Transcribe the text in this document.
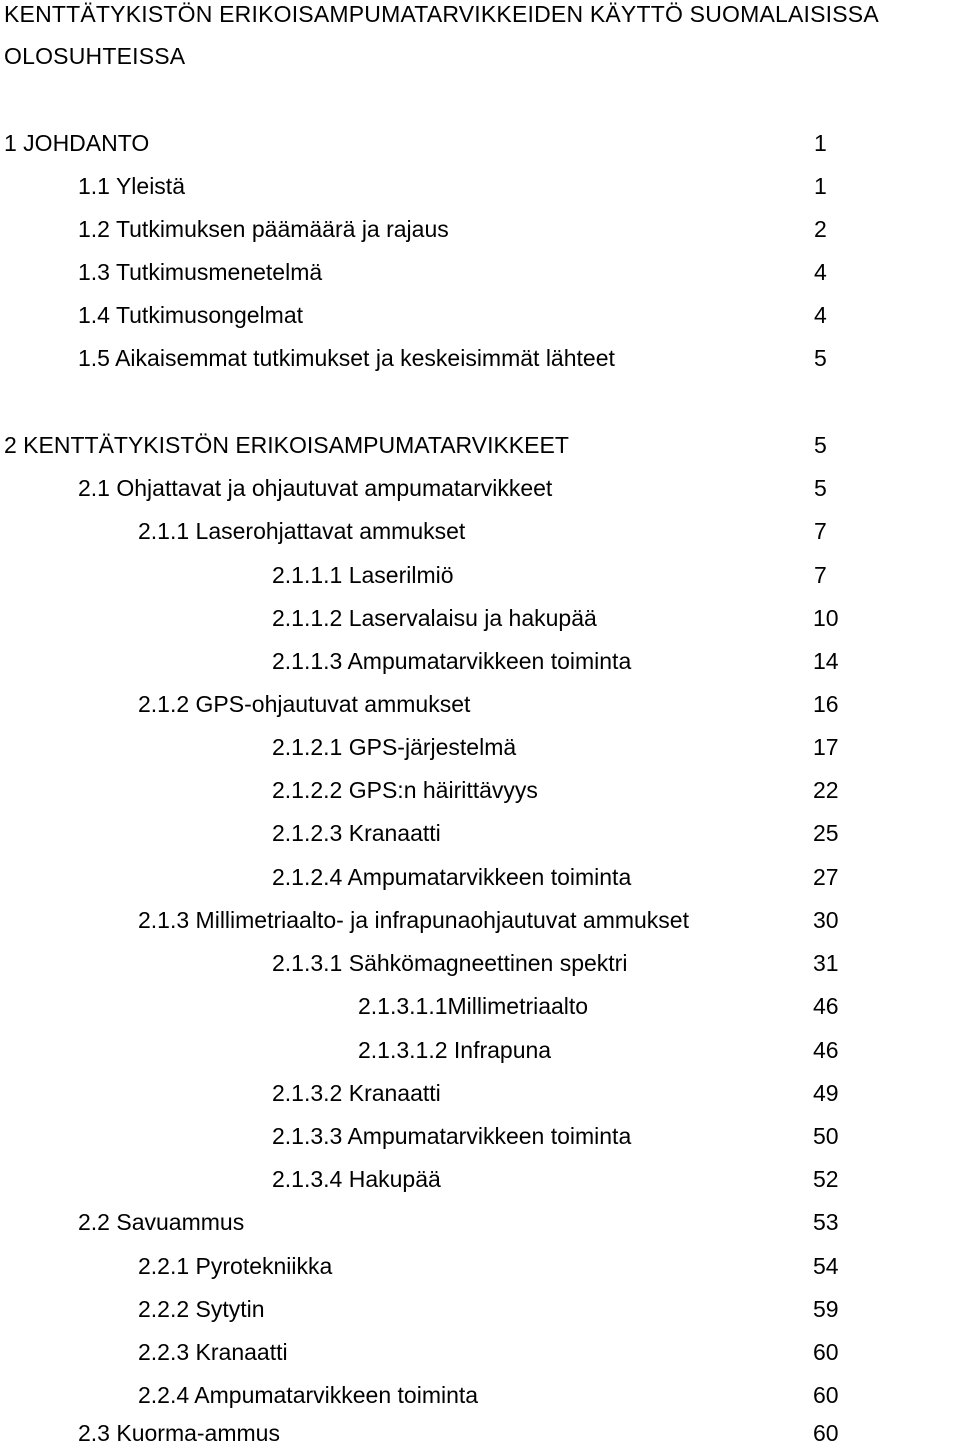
KENTTÄTYKISTÖN ERIKOISAMPUMATARVIKKEIDEN KÄYTTÖ SUOMALAISISSA
OLOSUHTEISSA
1 JOHDANTO	1
1.1 Yleistä	1
1.2 Tutkimuksen päämäärä ja rajaus	2
1.3 Tutkimusmenetelmä	4
1.4 Tutkimusongelmat	4
1.5 Aikaisemmat tutkimukset ja keskeisimmät lähteet	5
2 KENTTÄTYKISTÖN ERIKOISAMPUMATARVIKKEET	5
2.1 Ohjattavat ja ohjautuvat ampumatarvikkeet	5
2.1.1 Laserohjattavat ammukset	7
2.1.1.1 Laserilmiö	7
2.1.1.2 Laservalaisu ja hakupää	10
2.1.1.3 Ampumatarvikkeen toiminta	14
2.1.2 GPS-ohjautuvat ammukset	16
2.1.2.1 GPS-järjestelmä	17
2.1.2.2 GPS:n häirittävyys	22
2.1.2.3 Kranaatti	25
2.1.2.4 Ampumatarvikkeen toiminta	27
2.1.3 Millimetriaalto- ja infrapunaohjautuvat ammukset	30
2.1.3.1 Sähkömagneettinen spektri	31
2.1.3.1.1Millimetriaalto	46
2.1.3.1.2 Infrapuna	46
2.1.3.2 Kranaatti	49
2.1.3.3 Ampumatarvikkeen toiminta	50
2.1.3.4 Hakupää	52
2.2 Savuammus	53
2.2.1 Pyrotekniikka	54
2.2.2 Sytytin	59
2.2.3 Kranaatti	60
2.2.4 Ampumatarvikkeen toiminta	60
2.3 Kuorma-ammus	60
